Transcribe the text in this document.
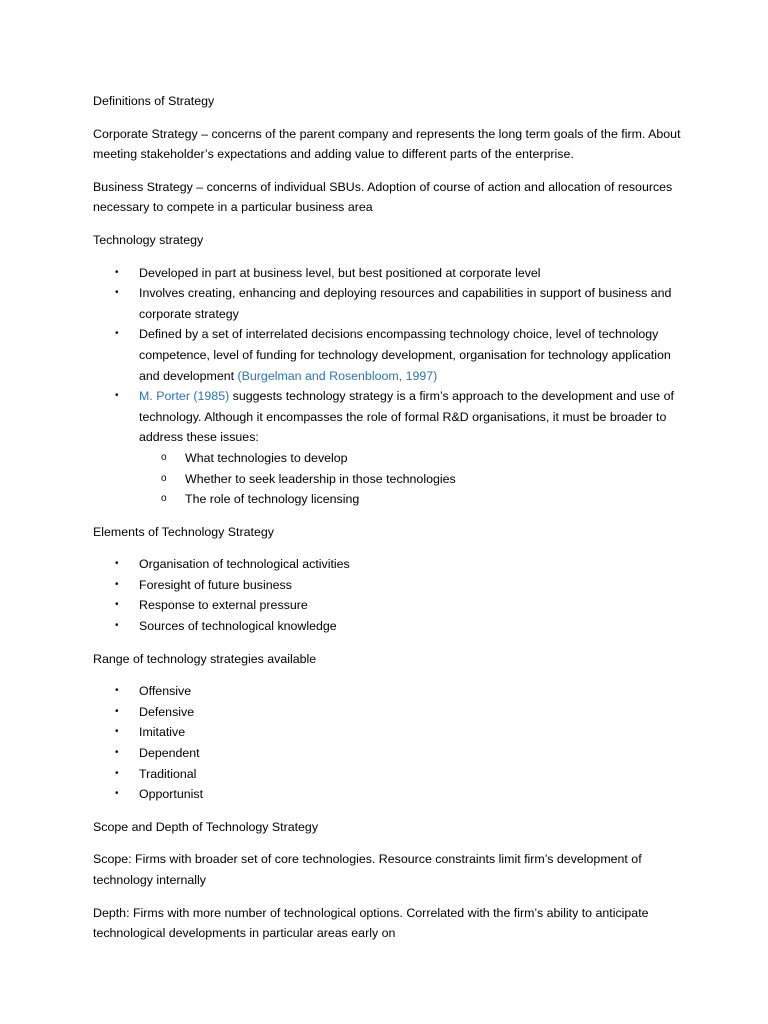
Definitions of Strategy

Corporate Strategy – concerns of the parent company and represents the long term goals of the firm. About meeting stakeholder’s expectations and adding value to different parts of the enterprise.

Business Strategy – concerns of individual SBUs. Adoption of course of action and allocation of resources necessary to compete in a particular business area

Technology strategy

• Developed in part at business level, but best positioned at corporate level
• Involves creating, enhancing and deploying resources and capabilities in support of business and corporate strategy
• Defined by a set of interrelated decisions encompassing technology choice, level of technology competence, level of funding for technology development, organisation for technology application and development (Burgelman and Rosenbloom, 1997)
• M. Porter (1985) suggests technology strategy is a firm’s approach to the development and use of technology. Although it encompasses the role of formal R&D organisations, it must be broader to address these issues:
o What technologies to develop
o Whether to seek leadership in those technologies
o The role of technology licensing

Elements of Technology Strategy

• Organisation of technological activities
• Foresight of future business
• Response to external pressure
• Sources of technological knowledge

Range of technology strategies available

• Offensive
• Defensive
• Imitative
• Dependent
• Traditional
• Opportunist

Scope and Depth of Technology Strategy

Scope: Firms with broader set of core technologies. Resource constraints limit firm’s development of technology internally

Depth: Firms with more number of technological options. Correlated with the firm’s ability to anticipate technological developments in particular areas early on
